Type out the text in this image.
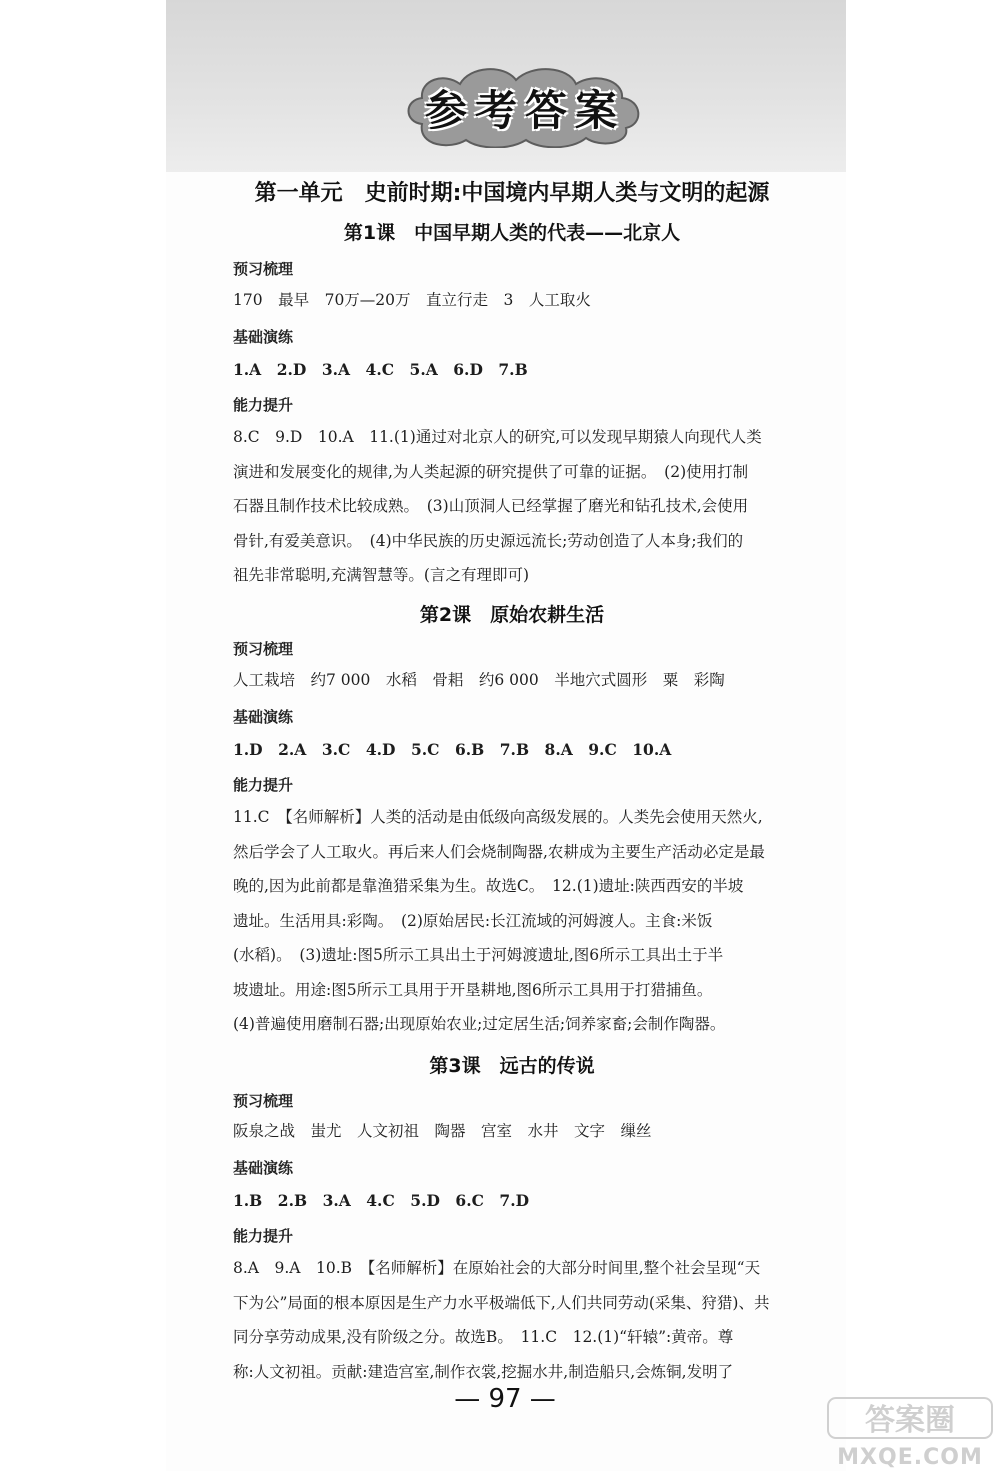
参考答案
第一单元　史前时期:中国境内早期人类与文明的起源
第1课　中国早期人类的代表——北京人
预习梳理
170　最早　70万—20万　直立行走　3　人工取火
基础演练
1.A　2.D　3.A　4.C　5.A　6.D　7.B
能力提升
8.C　9.D　10.A　11.(1)通过对北京人的研究,可以发现早期猿人向现代人类
演进和发展变化的规律,为人类起源的研究提供了可靠的证据。　(2)使用打制
石器且制作技术比较成熟。　(3)山顶洞人已经掌握了磨光和钻孔技术,会使用
骨针,有爱美意识。　(4)中华民族的历史源远流长;劳动创造了人本身;我们的
祖先非常聪明,充满智慧等。(言之有理即可)
第2课　原始农耕生活
预习梳理
人工栽培　约7 000　水稻　骨耜　约6 000　半地穴式圆形　粟　彩陶
基础演练
1.D　2.A　3.C　4.D　5.C　6.B　7.B　8.A　9.C　10.A
能力提升
11.C　【名师解析】人类的活动是由低级向高级发展的。人类先会使用天然火,
然后学会了人工取火。再后来人们会烧制陶器,农耕成为主要生产活动必定是最
晚的,因为此前都是靠渔猎采集为生。故选C。　12.(1)遗址:陕西西安的半坡
遗址。生活用具:彩陶。　(2)原始居民:长江流域的河姆渡人。主食:米饭
(水稻)。　(3)遗址:图5所示工具出土于河姆渡遗址,图6所示工具出土于半
坡遗址。用途:图5所示工具用于开垦耕地,图6所示工具用于打猎捕鱼。
(4)普遍使用磨制石器;出现原始农业;过定居生活;饲养家畜;会制作陶器。
第3课　远古的传说
预习梳理
阪泉之战　蚩尤　人文初祖　陶器　宫室　水井　文字　缫丝
基础演练
1.B　2.B　3.A　4.C　5.D　6.C　7.D
能力提升
8.A　9.A　10.B　【名师解析】在原始社会的大部分时间里,整个社会呈现“天
下为公”局面的根本原因是生产力水平极端低下,人们共同劳动(采集、狩猎)、共
同分享劳动成果,没有阶级之分。故选B。　11.C　12.(1)“轩辕”:黄帝。尊
称:人文初祖。贡献:建造宫室,制作衣裳,挖掘水井,制造船只,会炼铜,发明了
— 97 —
答案圈
MXQE.COM
